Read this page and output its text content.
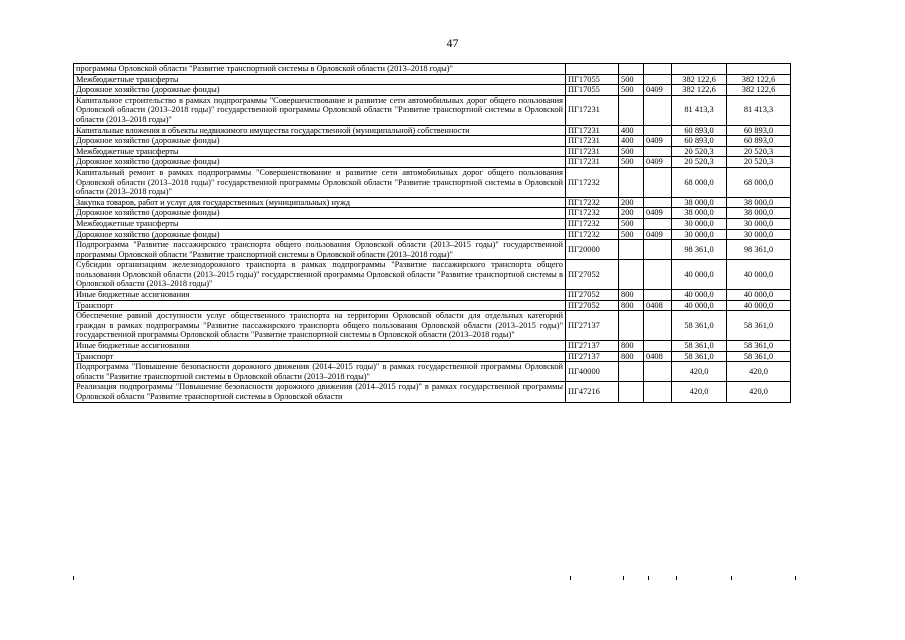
47
программы Орловской области "Развитие транспортной системы в Орловской области (2013–2018 годы)"					
Межбюджетные трансферты	ПГ17055	500		382 122,6	382 122,6
Дорожное хозяйство (дорожные фонды)	ПГ17055	500	0409	382 122,6	382 122,6
Капитальное строительство в рамках подпрограммы "Совершенствование и развитие сети автомобильных дорог общего пользования Орловской области (2013–2018 годы)" государственной программы Орловской области "Развитие транспортной системы в Орловской области (2013–2018 годы)"	ПГ17231			81 413,3	81 413,3
Капитальные вложения в объекты недвижимого имущества государственной (муниципальной) собственности	ПГ17231	400		60 893,0	60 893,0
Дорожное хозяйство (дорожные фонды)	ПГ17231	400	0409	60 893,0	60 893,0
Межбюджетные трансферты	ПГ17231	500		20 520,3	20 520,3
Дорожное хозяйство (дорожные фонды)	ПГ17231	500	0409	20 520,3	20 520,3
Капитальный ремонт в рамках подпрограммы "Совершенствование и развитие сети автомобильных дорог общего пользования Орловской области (2013–2018 годы)" государственной программы Орловской области "Развитие транспортной системы в Орловской области (2013–2018 годы)"	ПГ17232			68 000,0	68 000,0
Закупка товаров, работ и услуг для государственных (муниципальных) нужд	ПГ17232	200		38 000,0	38 000,0
Дорожное хозяйство (дорожные фонды)	ПГ17232	200	0409	38 000,0	38 000,0
Межбюджетные трансферты	ПГ17232	500		30 000,0	30 000,0
Дорожное хозяйство (дорожные фонды)	ПГ17232	500	0409	30 000,0	30 000,0
Подпрограмма "Развитие пассажирского транспорта общего пользования Орловской области (2013–2015 годы)" государственной программы Орловской области "Развитие транспортной системы в Орловской области (2013–2018 годы)"	ПГ20000			98 361,0	98 361,0
Субсидии организациям железнодорожного транспорта в рамках подпрограммы "Развитие пассажирского транспорта общего пользования Орловской области (2013–2015 годы)" государственной программы Орловской области "Развитие транспортной системы в Орловской области (2013–2018 годы)"	ПГ27052			40 000,0	40 000,0
Иные бюджетные ассигнования	ПГ27052	800		40 000,0	40 000,0
Транспорт	ПГ27052	800	0408	40 000,0	40 000,0
Обеспечение равной доступности услуг общественного транспорта на территории Орловской области для отдельных категорий граждан в рамках подпрограммы "Развитие пассажирского транспорта общего пользования Орловской области (2013–2015 годы)" государственной программы Орловской области "Развитие транспортной системы в Орловской области (2013–2018 годы)"	ПГ27137			58 361,0	58 361,0
Иные бюджетные ассигнования	ПГ27137	800		58 361,0	58 361,0
Транспорт	ПГ27137	800	0408	58 361,0	58 361,0
Подпрограмма "Повышение безопасности дорожного движения (2014–2015 годы)" в рамках государственной программы Орловской области "Развитие транспортной системы в Орловской области (2013–2018 годы)"	ПГ40000			420,0	420,0
Реализация подпрограммы "Повышение безопасности дорожного движения (2014–2015 годы)" в рамках государственной программы Орловской области "Развитие транспортной системы в Орловской области	ПГ47216			420,0	420,0
